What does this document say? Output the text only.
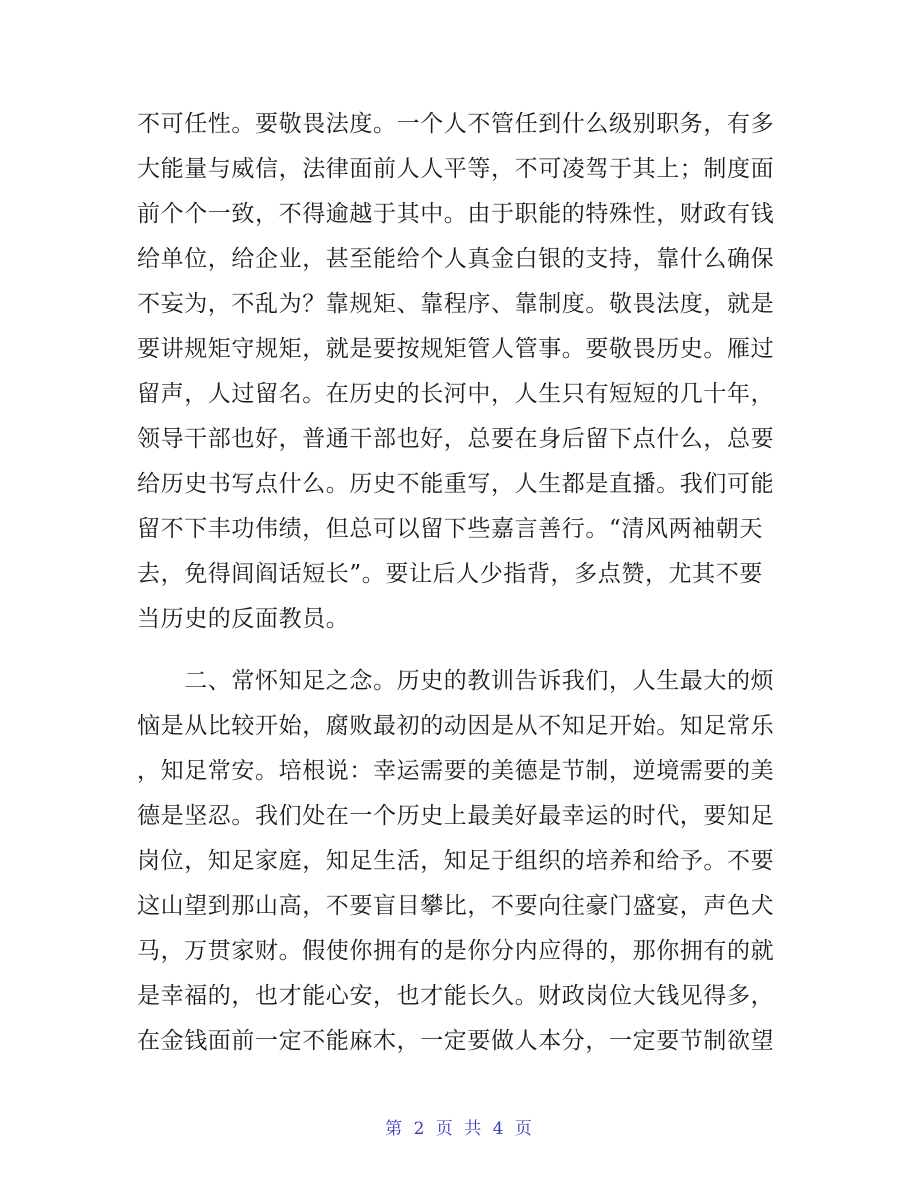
不可任性。要敬畏法度。一个人不管任到什么级别职务，有多
大能量与威信，法律面前人人平等，不可凌驾于其上；制度面
前个个一致，不得逾越于其中。由于职能的特殊性，财政有钱
给单位，给企业，甚至能给个人真金白银的支持，靠什么确保
不妄为，不乱为？靠规矩、靠程序、靠制度。敬畏法度，就是
要讲规矩守规矩，就是要按规矩管人管事。要敬畏历史。雁过
留声，人过留名。在历史的长河中，人生只有短短的几十年，
领导干部也好，普通干部也好，总要在身后留下点什么，总要
给历史书写点什么。历史不能重写，人生都是直播。我们可能
留不下丰功伟绩，但总可以留下些嘉言善行。“清风两袖朝天
去，免得闾阎话短长”。要让后人少指背，多点赞，尤其不要
当历史的反面教员。
　　二、常怀知足之念。历史的教训告诉我们，人生最大的烦
恼是从比较开始，腐败最初的动因是从不知足开始。知足常乐
，知足常安。培根说：幸运需要的美德是节制，逆境需要的美
德是坚忍。我们处在一个历史上最美好最幸运的时代，要知足
岗位，知足家庭，知足生活，知足于组织的培养和给予。不要
这山望到那山高，不要盲目攀比，不要向往豪门盛宴，声色犬
马，万贯家财。假使你拥有的是你分内应得的，那你拥有的就
是幸福的，也才能心安，也才能长久。财政岗位大钱见得多，
在金钱面前一定不能麻木，一定要做人本分，一定要节制欲望
第 2 页 共 4 页
